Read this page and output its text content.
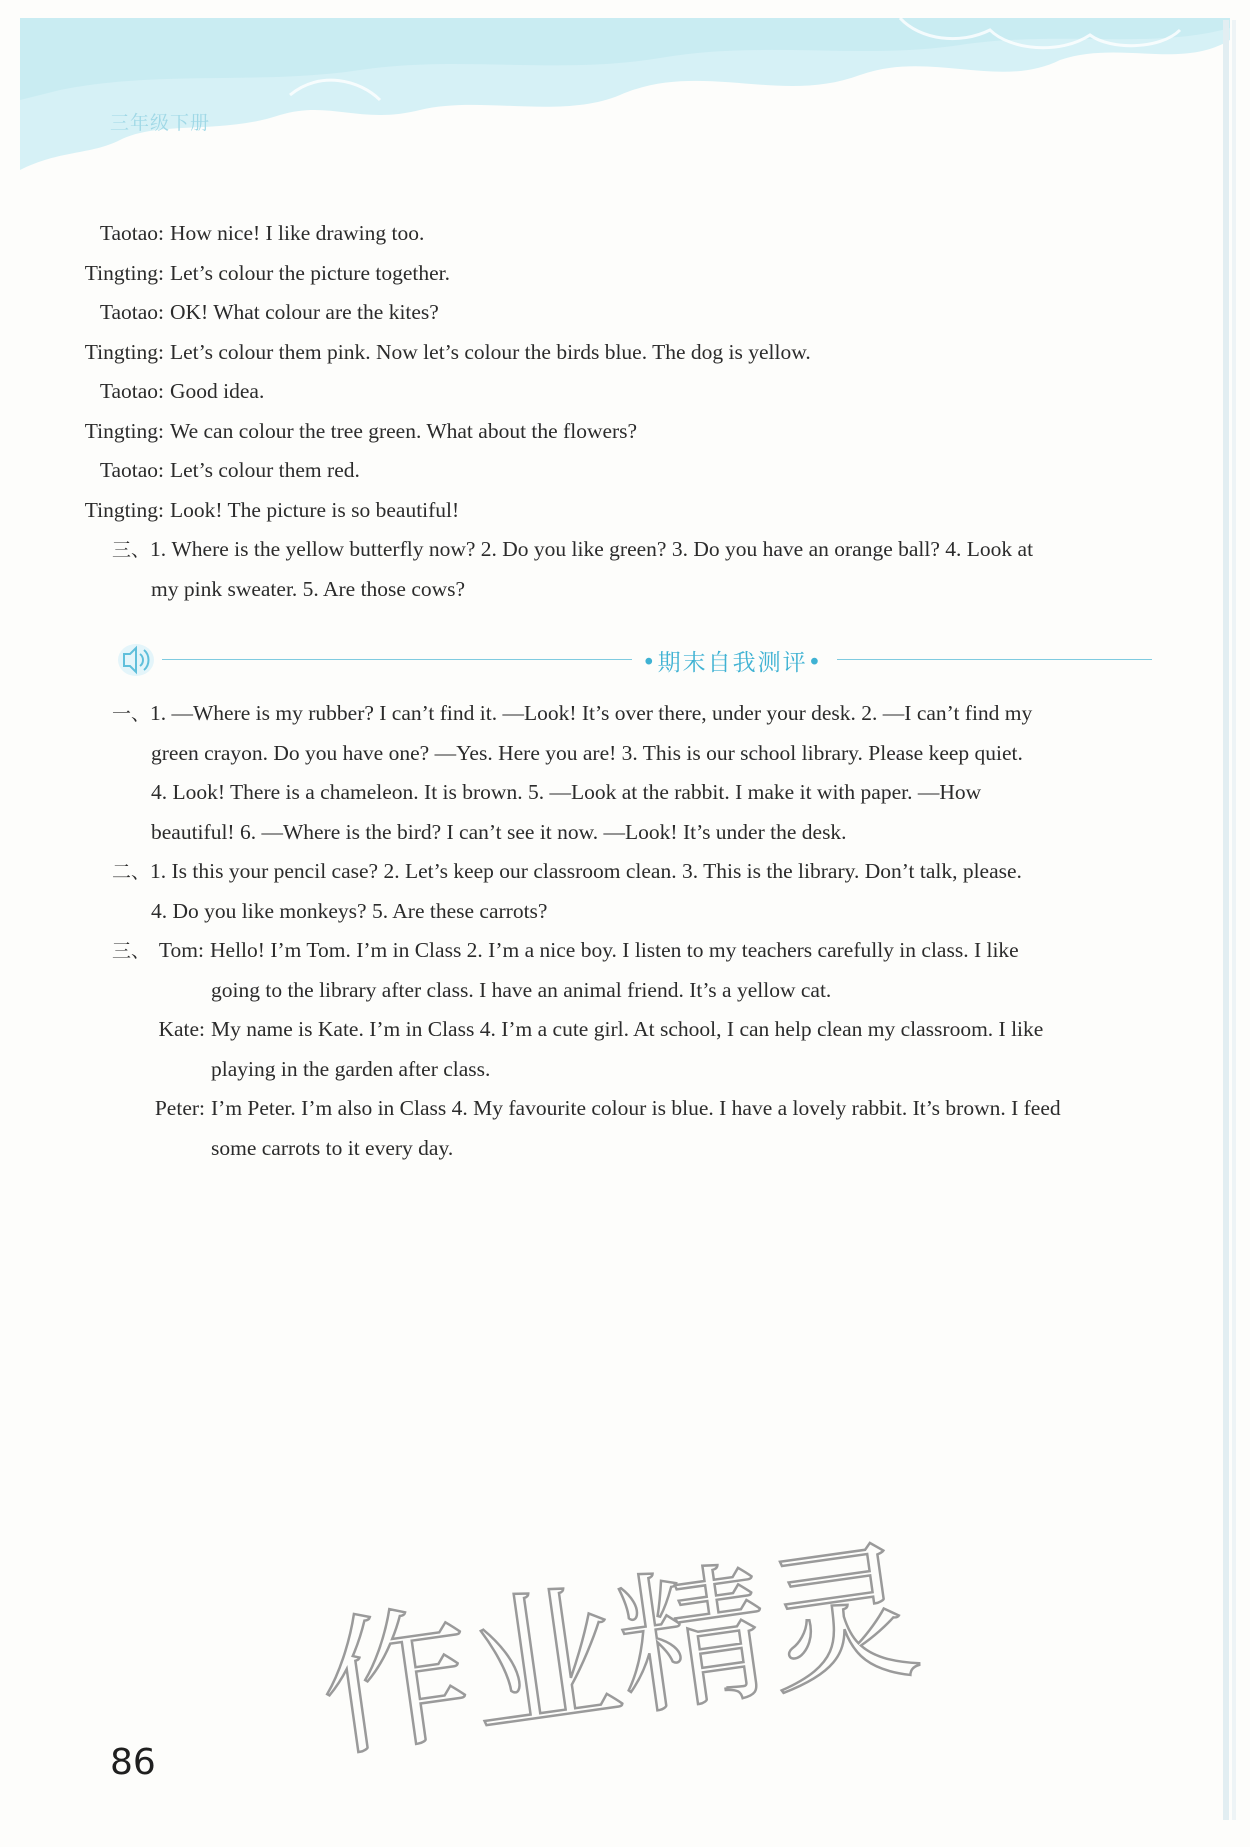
三年级下册
Taotao: How nice! I like drawing too.
Tingting: Let’s colour the picture together.
Taotao: OK! What colour are the kites?
Tingting: Let’s colour them pink. Now let’s colour the birds blue. The dog is yellow.
Taotao: Good idea.
Tingting: We can colour the tree green. What about the flowers?
Taotao: Let’s colour them red.
Tingting: Look! The picture is so beautiful!
三、1. Where is the yellow butterfly now? 2. Do you like green? 3. Do you have an orange ball? 4. Look at
my pink sweater. 5. Are those cows?
•期末自我测评•
一、1. —Where is my rubber? I can’t find it. —Look! It’s over there, under your desk. 2. —I can’t find my
green crayon. Do you have one? —Yes. Here you are! 3. This is our school library. Please keep quiet.
4. Look! There is a chameleon. It is brown. 5. —Look at the rabbit. I make it with paper. —How
beautiful! 6. —Where is the bird? I can’t see it now. —Look! It’s under the desk.
二、1. Is this your pencil case? 2. Let’s keep our classroom clean. 3. This is the library. Don’t talk, please.
4. Do you like monkeys? 5. Are these carrots?
三、 Tom: Hello! I’m Tom. I’m in Class 2. I’m a nice boy. I listen to my teachers carefully in class. I like
going to the library after class. I have an animal friend. It’s a yellow cat.
Kate: My name is Kate. I’m in Class 4. I’m a cute girl. At school, I can help clean my classroom. I like
playing in the garden after class.
Peter: I’m Peter. I’m also in Class 4. My favourite colour is blue. I have a lovely rabbit. It’s brown. I feed
some carrots to it every day.
作业精灵
86
